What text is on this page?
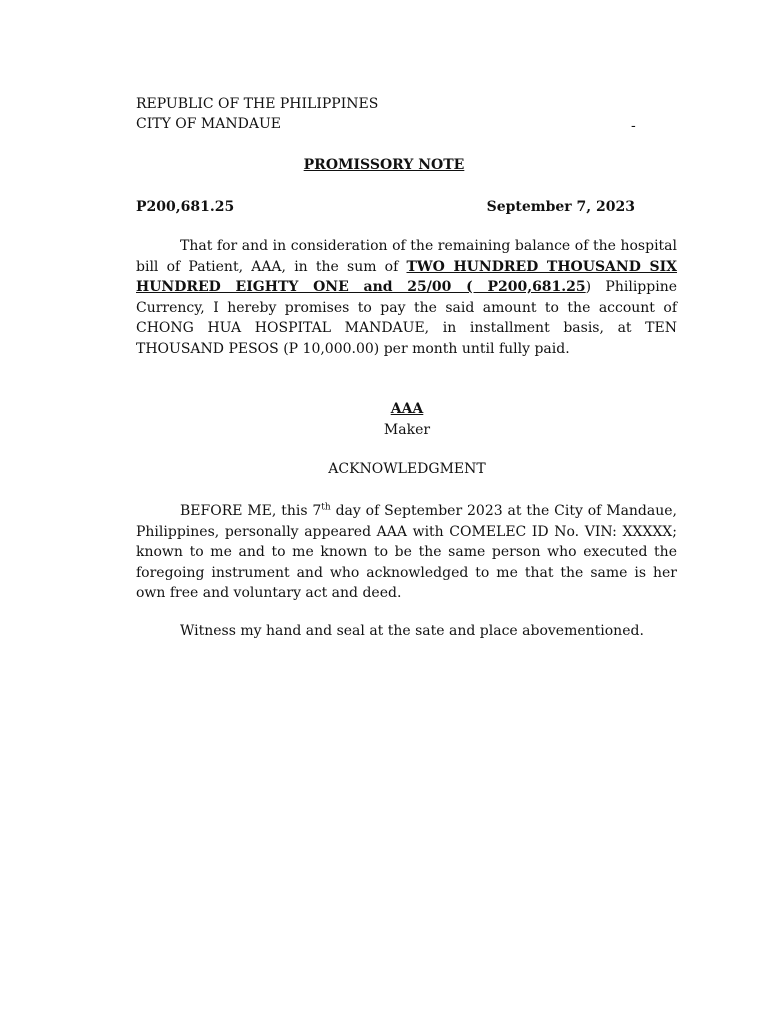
REPUBLIC OF THE PHILIPPINES
CITY OF MANDAUE	-
PROMISSORY NOTE
P200,681.25	September 7, 2023
That for and in consideration of the remaining balance of the hospital bill of Patient, AAA, in the sum of TWO HUNDRED THOUSAND SIX HUNDRED EIGHTY ONE and 25/00 ( P200,681.25) Philippine Currency, I hereby promises to pay the said amount to the account of CHONG HUA HOSPITAL MANDAUE, in installment basis, at TEN THOUSAND PESOS (P 10,000.00) per month until fully paid.
AAA
Maker
ACKNOWLEDGMENT
BEFORE ME, this 7th day of September 2023 at the City of Mandaue, Philippines, personally appeared AAA with COMELEC ID No. VIN: XXXXX; known to me and to me known to be the same person who executed the foregoing instrument and who acknowledged to me that the same is her own free and voluntary act and deed.
Witness my hand and seal at the sate and place abovementioned.
